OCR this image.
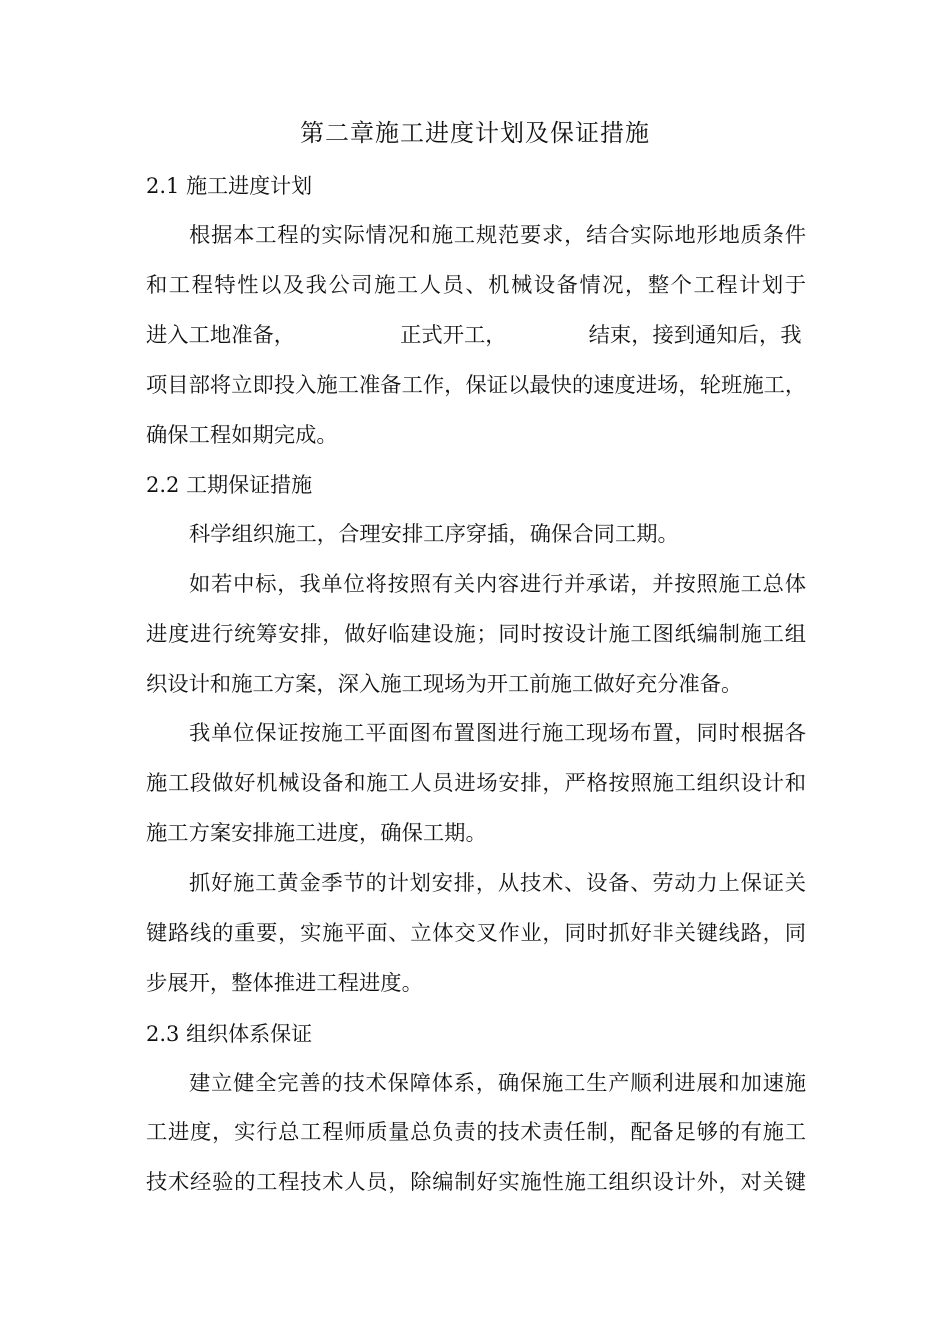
第二章施工进度计划及保证措施
2.1 施工进度计划
根据本工程的实际情况和施工规范要求，结合实际地形地质条件
和工程特性以及我公司施工人员、机械设备情况，整个工程计划于
进入工地准备，	正式开工，	结束，接到通知后，我
项目部将立即投入施工准备工作，保证以最快的速度进场，轮班施工，
确保工程如期完成。
2.2 工期保证措施
科学组织施工，合理安排工序穿插，确保合同工期。
如若中标，我单位将按照有关内容进行并承诺，并按照施工总体
进度进行统筹安排，做好临建设施；同时按设计施工图纸编制施工组
织设计和施工方案，深入施工现场为开工前施工做好充分准备。
我单位保证按施工平面图布置图进行施工现场布置，同时根据各
施工段做好机械设备和施工人员进场安排，严格按照施工组织设计和
施工方案安排施工进度，确保工期。
抓好施工黄金季节的计划安排，从技术、设备、劳动力上保证关
键路线的重要，实施平面、立体交叉作业，同时抓好非关键线路，同
步展开，整体推进工程进度。
2.3 组织体系保证
建立健全完善的技术保障体系，确保施工生产顺利进展和加速施
工进度，实行总工程师质量总负责的技术责任制，配备足够的有施工
技术经验的工程技术人员，除编制好实施性施工组织设计外，对关键
